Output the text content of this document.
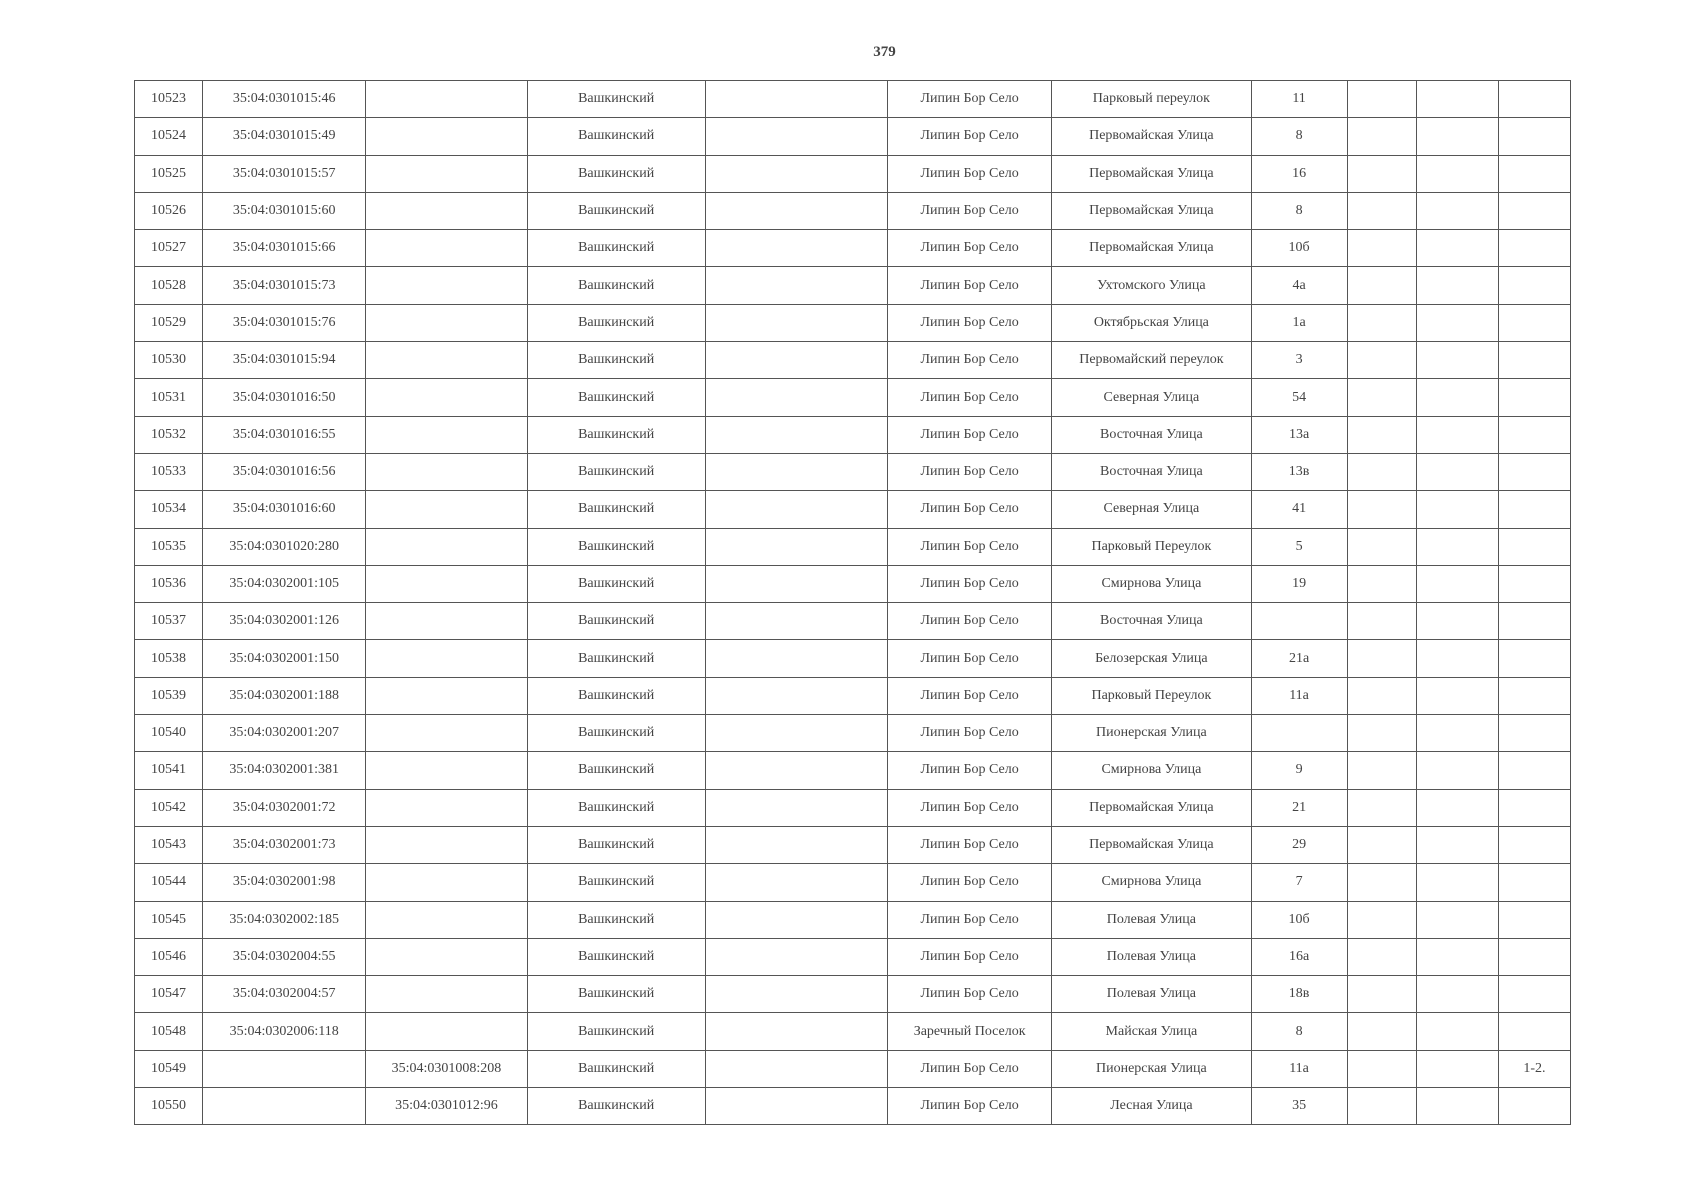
379
10523	35:04:0301015:46		Вашкинский		Липин Бор Село	Парковый переулок	11			
10524	35:04:0301015:49		Вашкинский		Липин Бор Село	Первомайская Улица	8			
10525	35:04:0301015:57		Вашкинский		Липин Бор Село	Первомайская Улица	16			
10526	35:04:0301015:60		Вашкинский		Липин Бор Село	Первомайская Улица	8			
10527	35:04:0301015:66		Вашкинский		Липин Бор Село	Первомайская Улица	10б			
10528	35:04:0301015:73		Вашкинский		Липин Бор Село	Ухтомского Улица	4а			
10529	35:04:0301015:76		Вашкинский		Липин Бор Село	Октябрьская Улица	1а			
10530	35:04:0301015:94		Вашкинский		Липин Бор Село	Первомайский переулок	3			
10531	35:04:0301016:50		Вашкинский		Липин Бор Село	Северная Улица	54			
10532	35:04:0301016:55		Вашкинский		Липин Бор Село	Восточная Улица	13а			
10533	35:04:0301016:56		Вашкинский		Липин Бор Село	Восточная Улица	13в			
10534	35:04:0301016:60		Вашкинский		Липин Бор Село	Северная Улица	41			
10535	35:04:0301020:280		Вашкинский		Липин Бор Село	Парковый Переулок	5			
10536	35:04:0302001:105		Вашкинский		Липин Бор Село	Смирнова Улица	19			
10537	35:04:0302001:126		Вашкинский		Липин Бор Село	Восточная Улица				
10538	35:04:0302001:150		Вашкинский		Липин Бор Село	Белозерская Улица	21а			
10539	35:04:0302001:188		Вашкинский		Липин Бор Село	Парковый Переулок	11а			
10540	35:04:0302001:207		Вашкинский		Липин Бор Село	Пионерская Улица				
10541	35:04:0302001:381		Вашкинский		Липин Бор Село	Смирнова Улица	9			
10542	35:04:0302001:72		Вашкинский		Липин Бор Село	Первомайская Улица	21			
10543	35:04:0302001:73		Вашкинский		Липин Бор Село	Первомайская Улица	29			
10544	35:04:0302001:98		Вашкинский		Липин Бор Село	Смирнова Улица	7			
10545	35:04:0302002:185		Вашкинский		Липин Бор Село	Полевая Улица	10б			
10546	35:04:0302004:55		Вашкинский		Липин Бор Село	Полевая Улица	16а			
10547	35:04:0302004:57		Вашкинский		Липин Бор Село	Полевая Улица	18в			
10548	35:04:0302006:118		Вашкинский		Заречный Поселок	Майская Улица	8			
10549		35:04:0301008:208	Вашкинский		Липин Бор Село	Пионерская Улица	11а			1-2.
10550		35:04:0301012:96	Вашкинский		Липин Бор Село	Лесная Улица	35			
